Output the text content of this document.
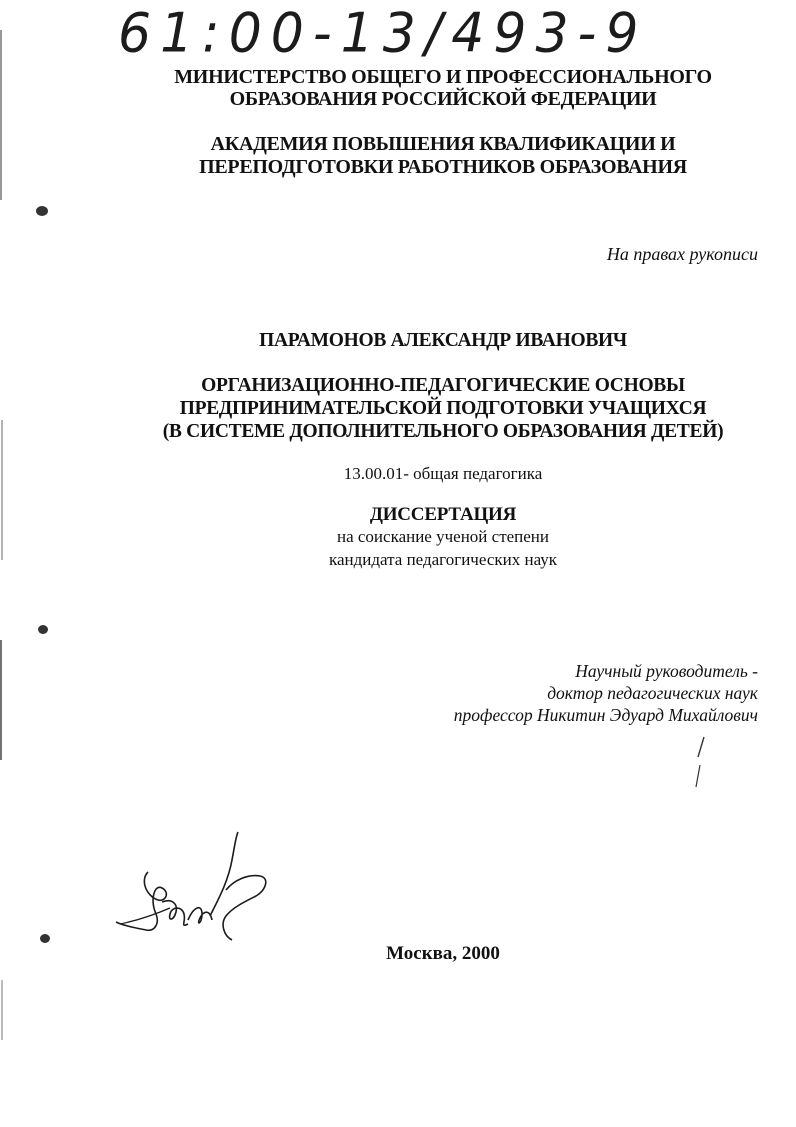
61:00-13/493-9
МИНИСТЕРСТВО ОБЩЕГО И ПРОФЕССИОНАЛЬНОГО
ОБРАЗОВАНИЯ РОССИЙСКОЙ ФЕДЕРАЦИИ
АКАДЕМИЯ ПОВЫШЕНИЯ КВАЛИФИКАЦИИ И
ПЕРЕПОДГОТОВКИ РАБОТНИКОВ ОБРАЗОВАНИЯ
На правах рукописи
ПАРАМОНОВ АЛЕКСАНДР ИВАНОВИЧ
ОРГАНИЗАЦИОННО-ПЕДАГОГИЧЕСКИЕ ОСНОВЫ
ПРЕДПРИНИМАТЕЛЬСКОЙ ПОДГОТОВКИ УЧАЩИХСЯ
(В СИСТЕМЕ ДОПОЛНИТЕЛЬНОГО ОБРАЗОВАНИЯ ДЕТЕЙ)
13.00.01- общая педагогика
ДИССЕРТАЦИЯ
на соискание ученой степени
кандидата педагогических наук
Научный руководитель -
доктор педагогических наук
профессор Никитин Эдуард Михайлович
Москва, 2000
